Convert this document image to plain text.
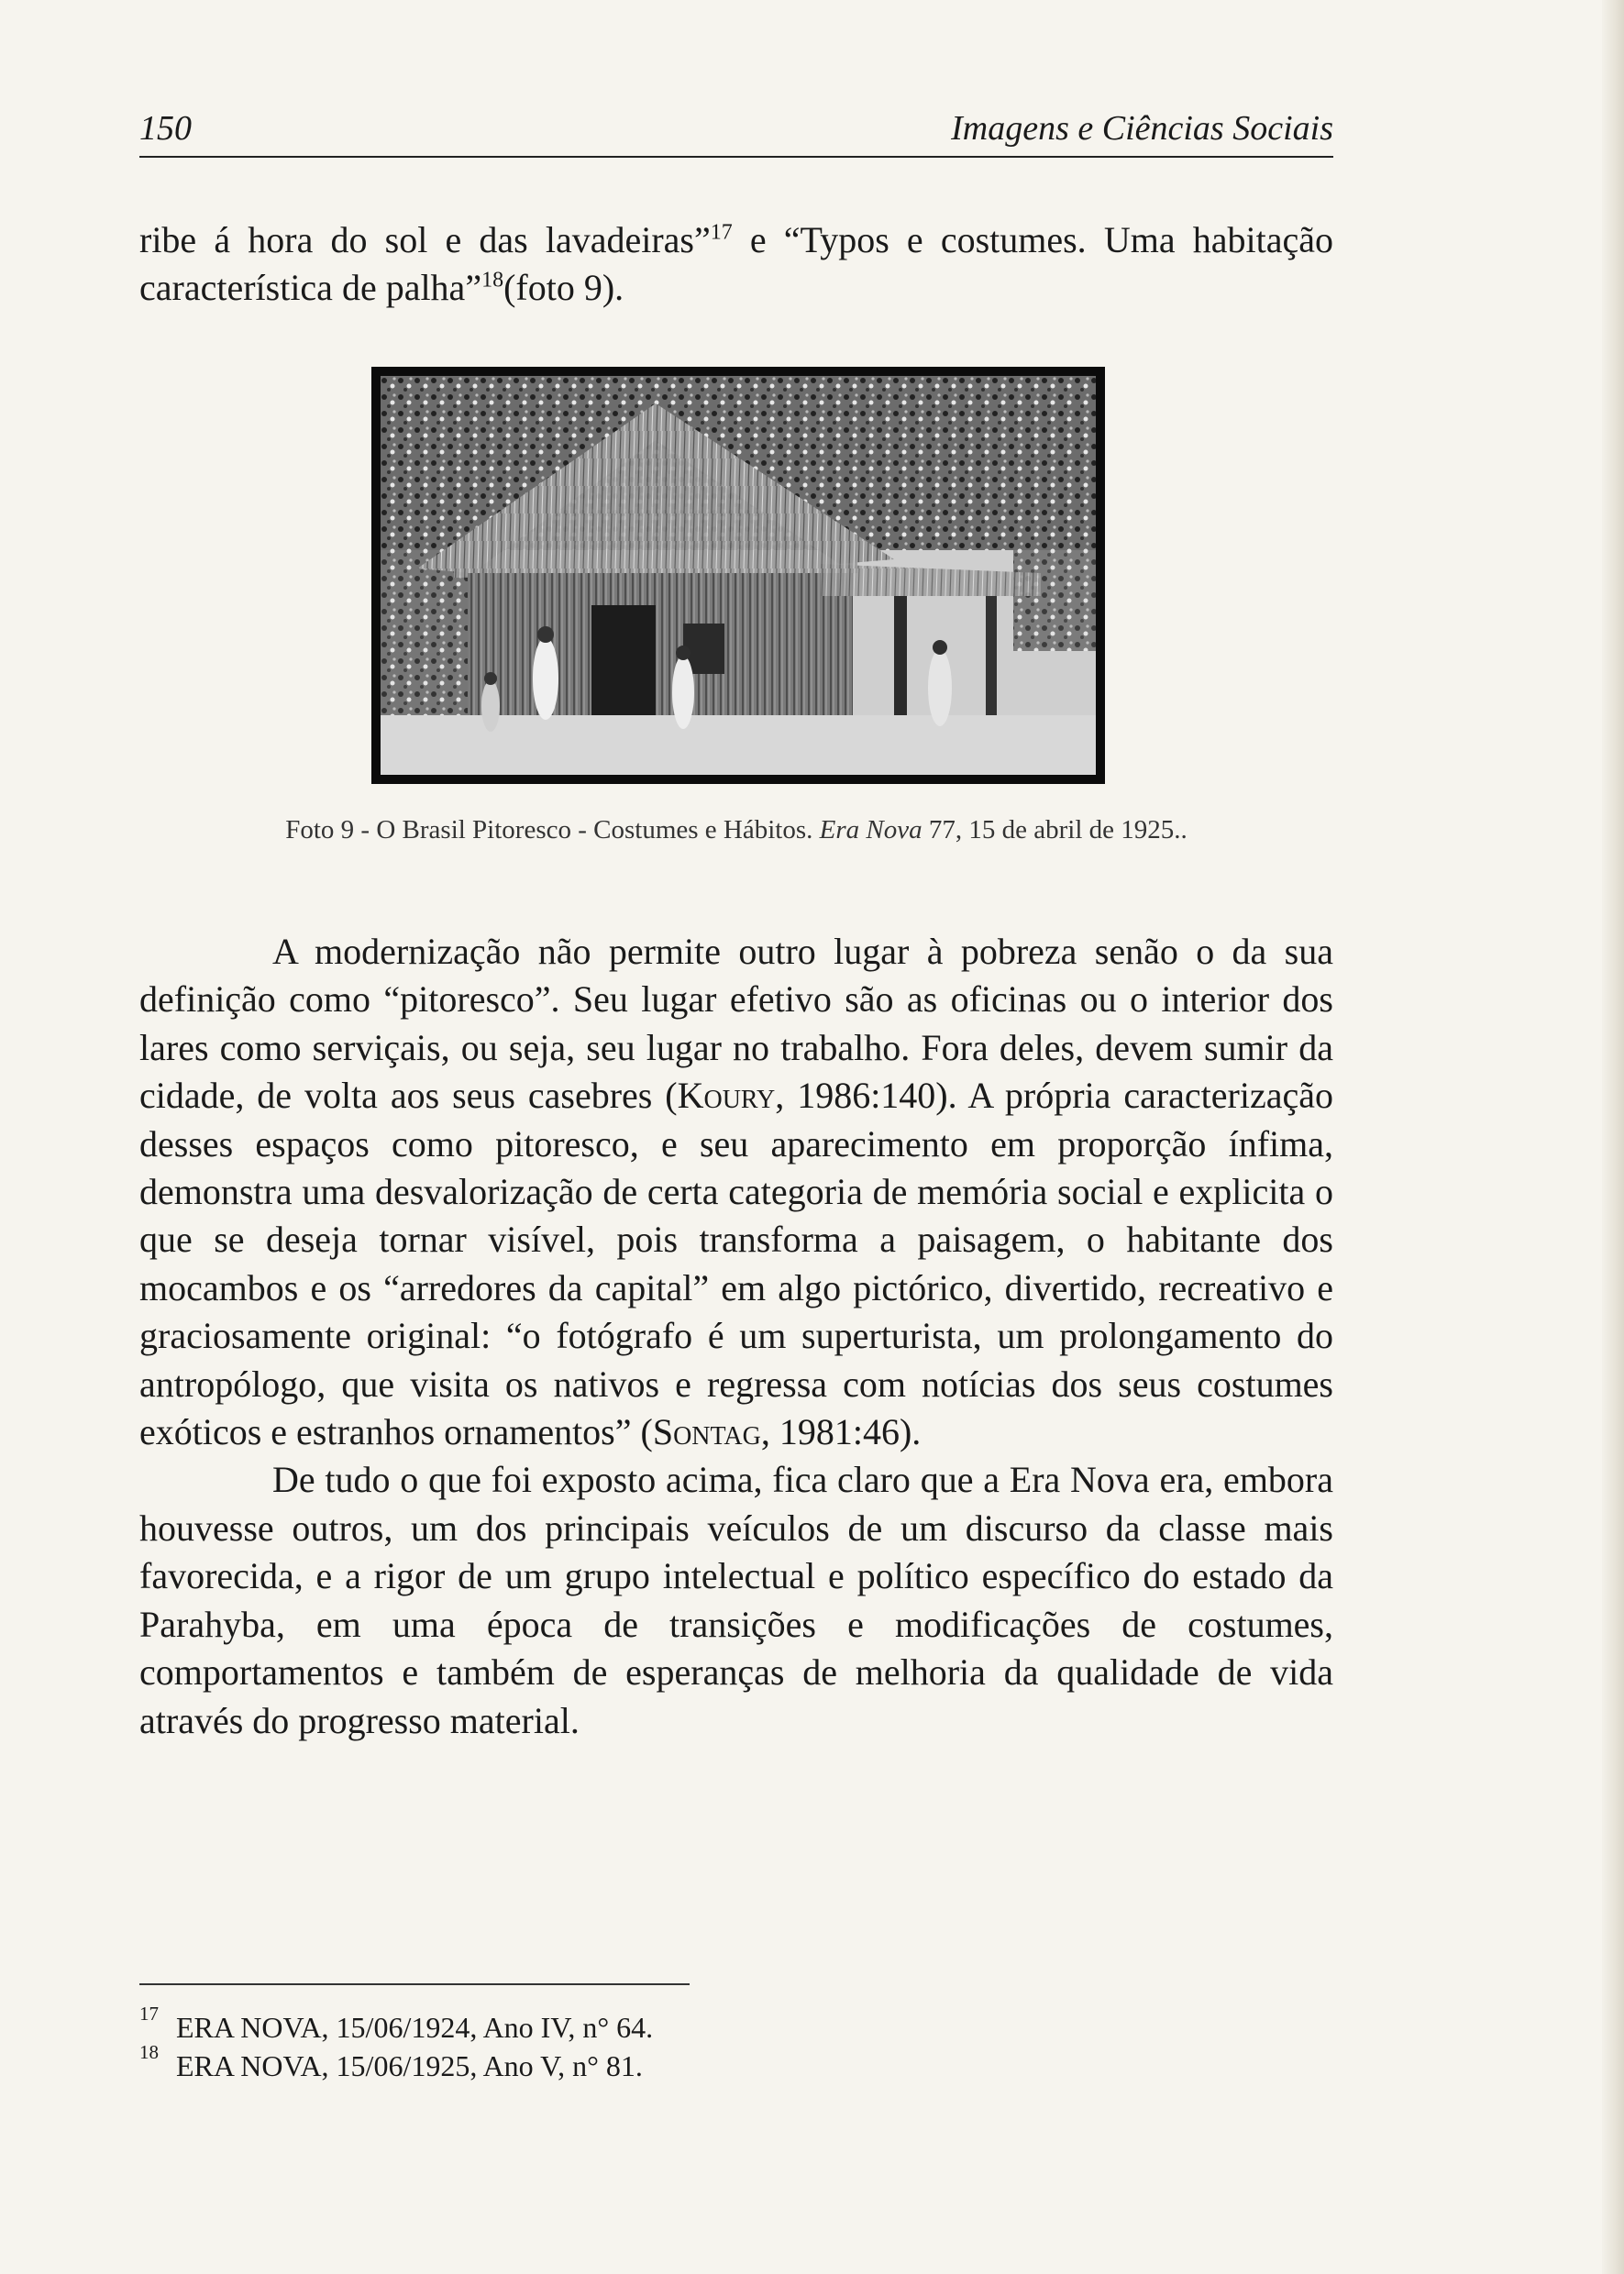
150	Imagens e Ciências Sociais

ribe á hora do sol e das lavadeiras”$^{17}$ e “Typos e costumes. Uma habitação característica de palha”$^{18}$(foto 9).

Foto 9 - O Brasil Pitoresco - Costumes e Hábitos. Era Nova 77, 15 de abril de 1925..

A modernização não permite outro lugar à pobreza senão o da sua definição como “pitoresco”. Seu lugar efetivo são as oficinas ou o interior dos lares como serviçais, ou seja, seu lugar no trabalho. Fora deles, devem sumir da cidade, de volta aos seus casebres (Koury, 1986:140). A própria caracterização desses espaços como pitoresco, e seu aparecimento em proporção ínfima, demonstra uma desvalorização de certa categoria de memória social e explicita o que se deseja tornar visível, pois transforma a paisagem, o habitante dos mocambos e os “arredores da capital” em algo pictórico, divertido, recreativo e graciosamente original: “o fotógrafo é um superturista, um prolongamento do antropólogo, que visita os nativos e regressa com notícias dos seus costumes exóticos e estranhos ornamentos” (Sontag, 1981:46).

De tudo o que foi exposto acima, fica claro que a Era Nova era, embora houvesse outros, um dos principais veículos de um discurso da classe mais favorecida, e a rigor de um grupo intelectual e político específico do estado da Parahyba, em uma época de transições e modificações de costumes, comportamentos e também de esperanças de melhoria da qualidade de vida através do progresso material.

17 ERA NOVA, 15/06/1924, Ano IV, n° 64.
18 ERA NOVA, 15/06/1925, Ano V, n° 81.
